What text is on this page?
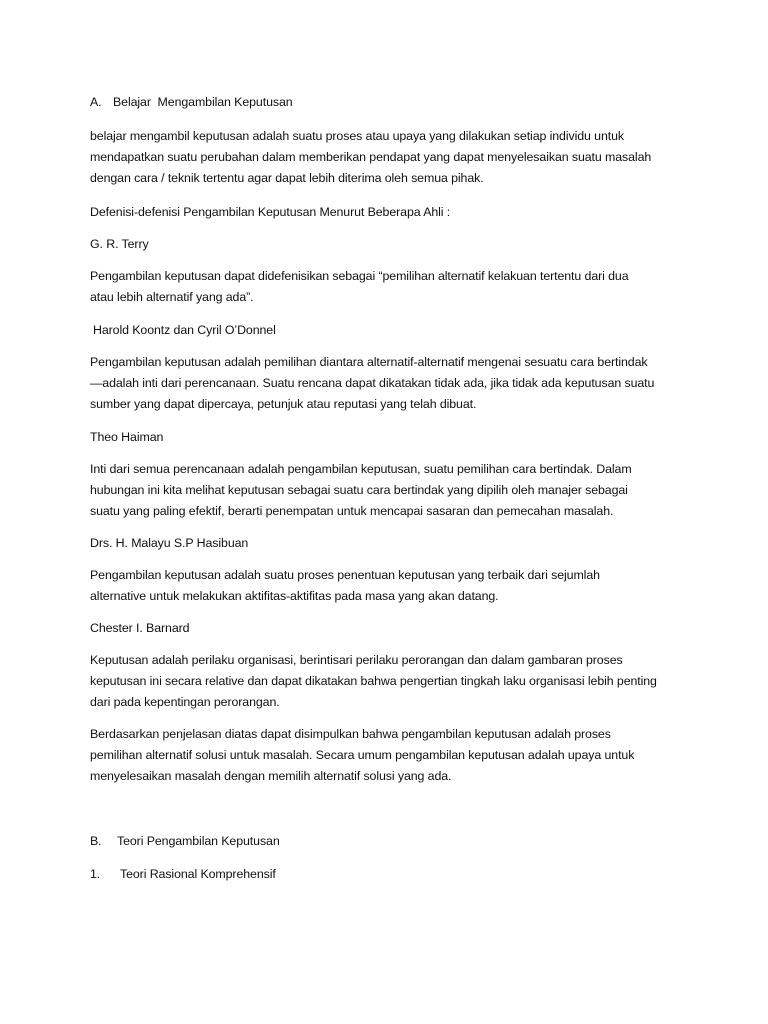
A. Belajar  Mengambilan Keputusan
belajar mengambil keputusan adalah suatu proses atau upaya yang dilakukan setiap individu untuk
mendapatkan suatu perubahan dalam memberikan pendapat yang dapat menyelesaikan suatu masalah
dengan cara / teknik tertentu agar dapat lebih diterima oleh semua pihak.
Defenisi-defenisi Pengambilan Keputusan Menurut Beberapa Ahli :
G. R. Terry
Pengambilan keputusan dapat didefenisikan sebagai “pemilihan alternatif kelakuan tertentu dari dua
atau lebih alternatif yang ada”.
Harold Koontz dan Cyril O’Donnel
Pengambilan keputusan adalah pemilihan diantara alternatif-alternatif mengenai sesuatu cara bertindak
—adalah inti dari perencanaan. Suatu rencana dapat dikatakan tidak ada, jika tidak ada keputusan suatu
sumber yang dapat dipercaya, petunjuk atau reputasi yang telah dibuat.
Theo Haiman
Inti dari semua perencanaan adalah pengambilan keputusan, suatu pemilihan cara bertindak. Dalam
hubungan ini kita melihat keputusan sebagai suatu cara bertindak yang dipilih oleh manajer sebagai
suatu yang paling efektif, berarti penempatan untuk mencapai sasaran dan pemecahan masalah.
Drs. H. Malayu S.P Hasibuan
Pengambilan keputusan adalah suatu proses penentuan keputusan yang terbaik dari sejumlah
alternative untuk melakukan aktifitas-aktifitas pada masa yang akan datang.
Chester I. Barnard
Keputusan adalah perilaku organisasi, berintisari perilaku perorangan dan dalam gambaran proses
keputusan ini secara relative dan dapat dikatakan bahwa pengertian tingkah laku organisasi lebih penting
dari pada kepentingan perorangan.
Berdasarkan penjelasan diatas dapat disimpulkan bahwa pengambilan keputusan adalah proses
pemilihan alternatif solusi untuk masalah. Secara umum pengambilan keputusan adalah upaya untuk
menyelesaikan masalah dengan memilih alternatif solusi yang ada.
B. Teori Pengambilan Keputusan
1. Teori Rasional Komprehensif
